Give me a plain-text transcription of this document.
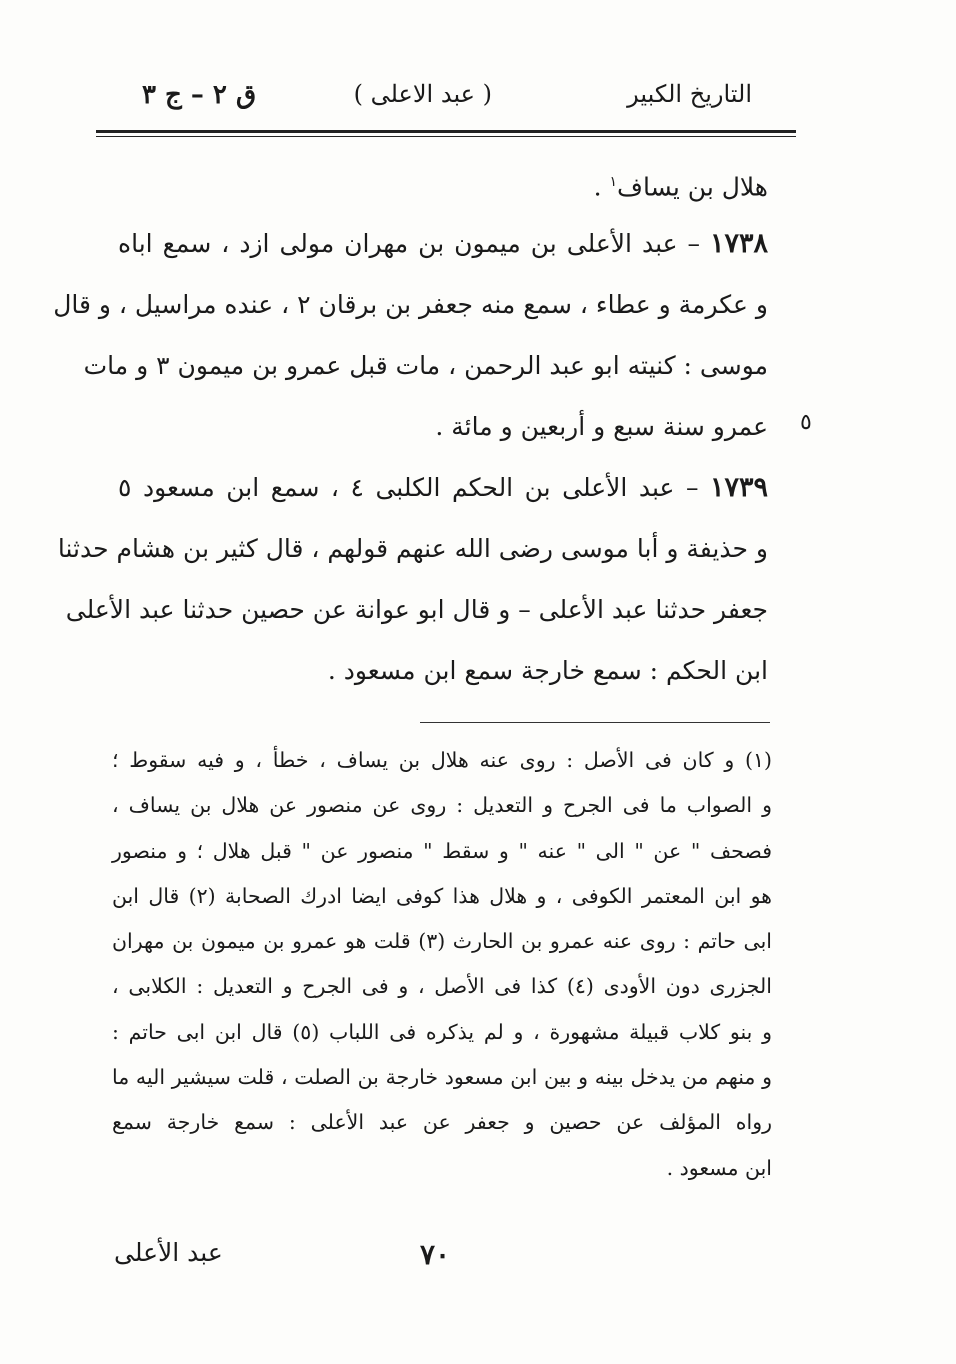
التاريخ الكبير
( عبد الاعلى )
ق ٢ – ج ٣
هلال بن يساف$^١$ .
١٧٣٨ – عبد الأعلى بن ميمون بن مهران مولى ازد ، سمع اباه
و عكرمة و عطاء ، سمع منه جعفر بن برقان ٢ ، عنده مراسيل ، و قال
موسى : كنيته ابو عبد الرحمن ، مات قبل عمرو بن ميمون ٣ و مات
عمرو سنة سبع و أربعين و مائة .
١٧٣٩ – عبد الأعلى بن الحكم الكلبى ٤ ، سمع ابن مسعود ٥
و حذيفة و أبا موسى رضى الله عنهم قولهم ، قال كثير بن هشام حدثنا
جعفر حدثنا عبد الأعلى – و قال ابو عوانة عن حصين حدثنا عبد الأعلى
ابن الحكم : سمع خارجة سمع ابن مسعود .
٥
(١) و كان فى الأصل : روى عنه هلال بن يساف ، خطأ ، و فيه سقوط ؛
و الصواب ما فى الجرح و التعديل : روى عن منصور عن هلال بن يساف ،
فصحف " عن " الى " عنه " و سقط " منصور عن " قبل هلال ؛ و منصور
هو ابن المعتمر الكوفى ، و هلال هذا كوفى ايضا ادرك الصحابة (٢) قال ابن
ابى حاتم : روى عنه عمرو بن الحارث (٣) قلت هو عمرو بن ميمون بن مهران
الجزرى دون الأودى (٤) كذا فى الأصل ، و فى الجرح و التعديل : الكلابى ،
و بنو كلاب قبيلة مشهورة ، و لم يذكره فى اللباب (٥) قال ابن ابى حاتم :
و منهم من يدخل بينه و بين ابن مسعود خارجة بن الصلت ، قلت سيشير اليه ما
رواه المؤلف عن حصين و جعفر عن عبد الأعلى : سمع خارجة سمع
ابن مسعود .
عبد الأعلى	٧٠
